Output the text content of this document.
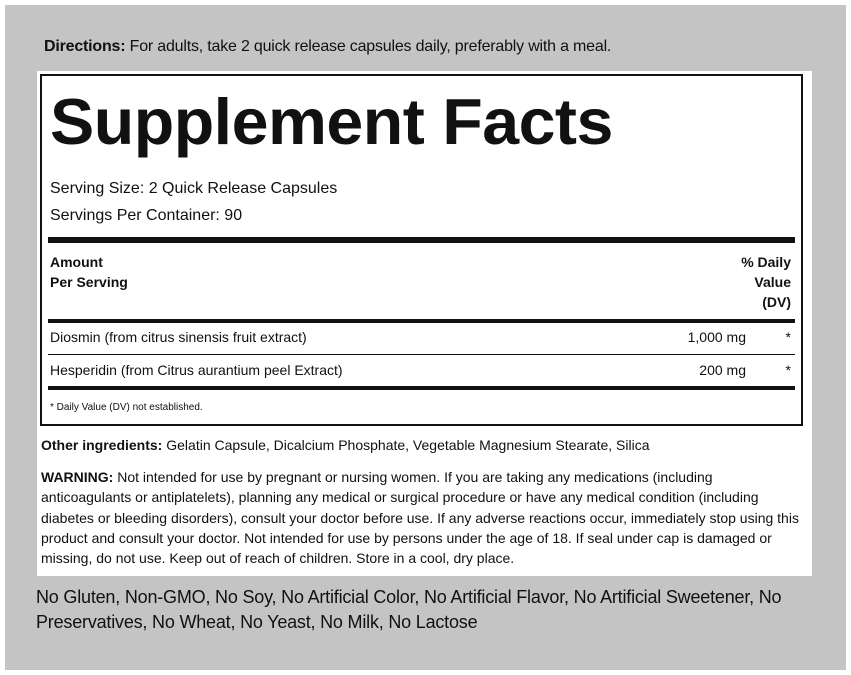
Directions: For adults, take 2 quick release capsules daily, preferably with a meal.
Supplement Facts
Serving Size: 2 Quick Release Capsules
Servings Per Container: 90
Amount
Per Serving
% Daily
Value
(DV)
Diosmin (from citrus sinensis fruit extract)	1,000 mg	*
Hesperidin (from Citrus aurantium peel Extract)	200 mg	*
* Daily Value (DV) not established.
Other ingredients: Gelatin Capsule, Dicalcium Phosphate, Vegetable Magnesium Stearate, Silica
WARNING: Not intended for use by pregnant or nursing women. If you are taking any medications (including anticoagulants or antiplatelets), planning any medical or surgical procedure or have any medical condition (including diabetes or bleeding disorders), consult your doctor before use. If any adverse reactions occur, immediately stop using this product and consult your doctor. Not intended for use by persons under the age of 18. If seal under cap is damaged or missing, do not use. Keep out of reach of children. Store in a cool, dry place.
No Gluten, Non-GMO, No Soy, No Artificial Color, No Artificial Flavor, No Artificial Sweetener, No Preservatives, No Wheat, No Yeast, No Milk, No Lactose
